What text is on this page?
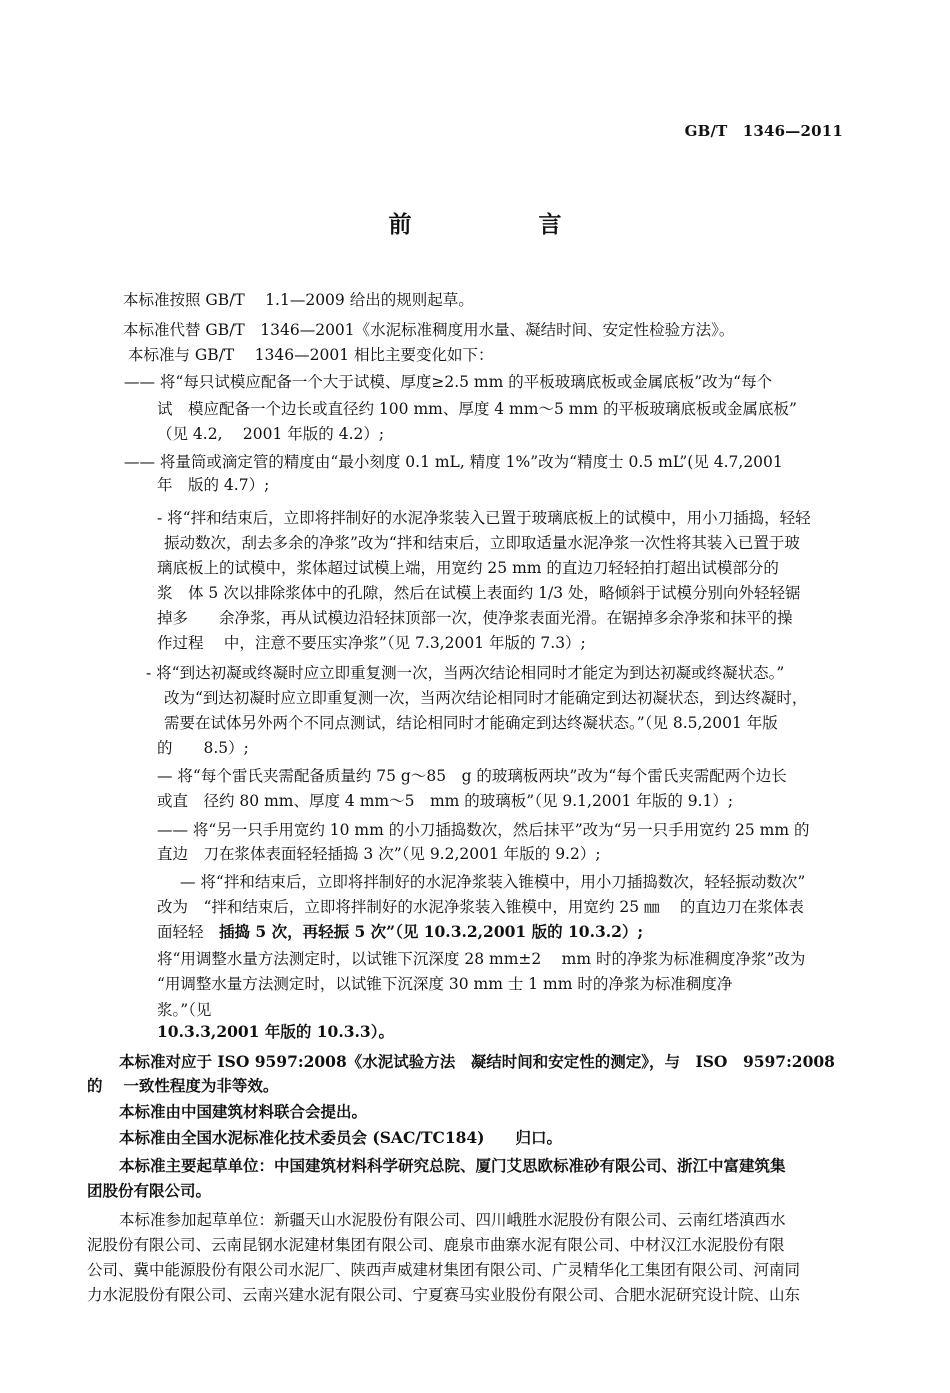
GB/T　1346—2011
前　言
本标准按照 GB/T　 1.1—2009 给出的规则起草。
本标准代替 GB/T　1346—2001《水泥标准稠度用水量、凝结时间、安定性检验方法》。
本标准与 GB/T　 1346—2001 相比主要变化如下：
—— 将“每只试模应配备一个大于试模、厚度≥2.5 mm 的平板玻璃底板或金属底板”改为“每个
试　模应配备一个边长或直径约 100 mm、厚度 4 mm～5 mm 的平板玻璃底板或金属底板”
（见 4.2, 　2001 年版的 4.2）;
—— 将量筒或滴定管的精度由“最小刻度 0.1 mL, 精度 1%”改为“精度士 0.5 mL”(见 4.7,2001
年　版的 4.7）;
- 将“拌和结束后，立即将拌制好的水泥净浆装入已置于玻璃底板上的试模中，用小刀插捣，轻轻
振动数次，刮去多余的净浆”改为“拌和结束后，立即取适量水泥净浆一次性将其装入已置于玻
璃底板上的试模中，浆体超过试模上端，用宽约 25 mm 的直边刀轻轻拍打超出试模部分的
浆　体 5 次以排除浆体中的孔隙，然后在试模上表面约 1/3 处，略倾斜于试模分别向外轻轻锯
掉多　　余净浆，再从试模边沿轻抹顶部一次，使净浆表面光滑。在锯掉多余净浆和抹平的操
作过程　 中，注意不要压实净浆”（见 7.3,2001 年版的 7.3）;
- 将“到达初凝或终凝时应立即重复测一次，当两次结论相同时才能定为到达初凝或终凝状态。”
改为“到达初凝时应立即重复测一次，当两次结论相同时才能确定到达初凝状态，到达终凝时，
需要在试体另外两个不同点测试，结论相同时才能确定到达终凝状态。”（见 8.5,2001 年版
的　　8.5）;
— 将“每个雷氏夹需配备质量约 75 g～85　g 的玻璃板两块”改为“每个雷氏夹需配两个边长
或直　径约 80 mm、厚度 4 mm～5　mm 的玻璃板”（见 9.1,2001 年版的 9.1）;
—— 将“另一只手用宽约 10 mm 的小刀插捣数次，然后抹平”改为“另一只手用宽约 25 mm 的
直边　刀在浆体表面轻轻插捣 3 次”（见 9.2,2001 年版的 9.2）;
— 将“拌和结束后，立即将拌制好的水泥净浆装入锥模中，用小刀插捣数次，轻轻振动数次”
改为　“拌和结束后，立即将拌制好的水泥净浆装入锥模中，用宽约 25 ㎜　 的直边刀在浆体表
面轻轻　插捣 5 次，再轻振 5 次”（见 10.3.2,2001 版的 10.3.2）;
将“用调整水量方法测定时，以试锥下沉深度 28 mm±2　 mm 时的净浆为标准稠度净浆”改为
“用调整水量方法测定时，以试锥下沉深度 30 mm 士 1 mm 时的净浆为标准稠度净
浆。”（见
10.3.3,2001 年版的 10.3.3）。
本标准对应于 ISO 9597:2008《水泥试验方法　凝结时间和安定性的测定》，与　ISO　9597:2008
的　 一致性程度为非等效。
本标准由中国建筑材料联合会提出。
本标准由全国水泥标准化技术委员会 (SAC/TC184)　　归口。
本标准主要起草单位：中国建筑材料科学研究总院、厦门艾思欧标准砂有限公司、浙江中富建筑集
团股份有限公司。
本标准参加起草单位：新疆天山水泥股份有限公司、四川峨胜水泥股份有限公司、云南红塔滇西水
泥股份有限公司、云南昆钢水泥建材集团有限公司、鹿泉市曲寨水泥有限公司、中材汉江水泥股份有限
公司、冀中能源股份有限公司水泥厂、陕西声威建材集团有限公司、广灵精华化工集团有限公司、河南同
力水泥股份有限公司、云南兴建水泥有限公司、宁夏赛马实业股份有限公司、合肥水泥研究设计院、山东
